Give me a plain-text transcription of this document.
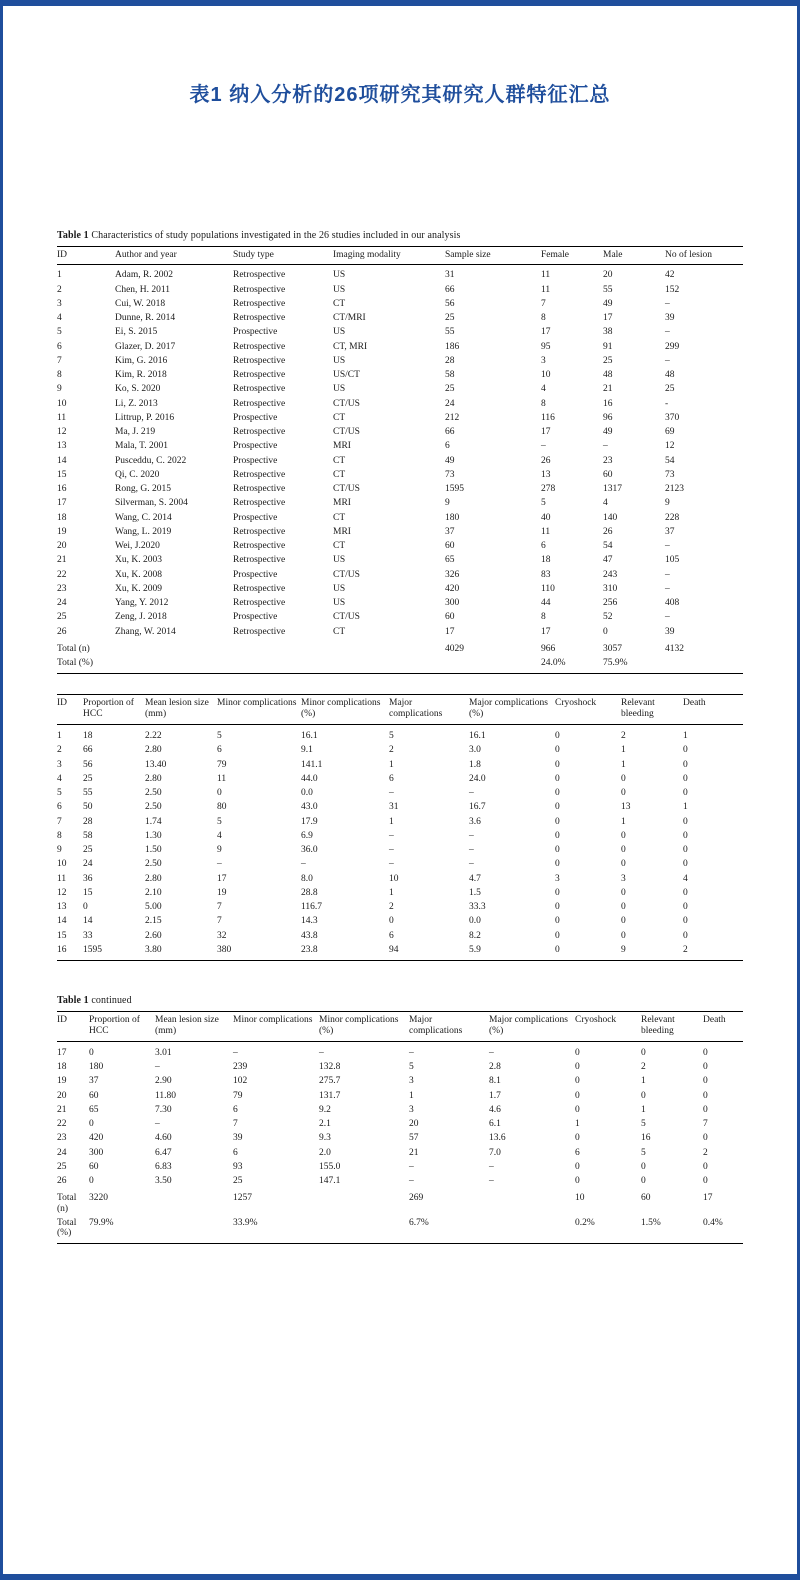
表1 纳入分析的26项研究其研究人群特征汇总
Table 1 Characteristics of study populations investigated in the 26 studies included in our analysis
ID	Author and year	Study type	Imaging modality	Sample size	Female	Male	No of lesion
1	Adam, R. 2002	Retrospective	US	31	11	20	42
2	Chen, H. 2011	Retrospective	US	66	11	55	152
3	Cui, W. 2018	Retrospective	CT	56	7	49	–
4	Dunne, R. 2014	Retrospective	CT/MRI	25	8	17	39
5	Ei, S. 2015	Prospective	US	55	17	38	–
6	Glazer, D. 2017	Retrospective	CT, MRI	186	95	91	299
7	Kim, G. 2016	Retrospective	US	28	3	25	–
8	Kim, R. 2018	Retrospective	US/CT	58	10	48	48
9	Ko, S. 2020	Retrospective	US	25	4	21	25
10	Li, Z. 2013	Retrospective	CT/US	24	8	16	-
11	Littrup, P. 2016	Prospective	CT	212	116	96	370
12	Ma, J. 219	Retrospective	CT/US	66	17	49	69
13	Mala, T. 2001	Prospective	MRI	6	–	–	12
14	Pusceddu, C. 2022	Prospective	CT	49	26	23	54
15	Qi, C. 2020	Retrospective	CT	73	13	60	73
16	Rong, G. 2015	Retrospective	CT/US	1595	278	1317	2123
17	Silverman, S. 2004	Retrospective	MRI	9	5	4	9
18	Wang, C. 2014	Prospective	CT	180	40	140	228
19	Wang, L. 2019	Retrospective	MRI	37	11	26	37
20	Wei, J.2020	Retrospective	CT	60	6	54	–
21	Xu, K. 2003	Retrospective	US	65	18	47	105
22	Xu, K. 2008	Prospective	CT/US	326	83	243	–
23	Xu, K. 2009	Retrospective	US	420	110	310	–
24	Yang, Y. 2012	Retrospective	US	300	44	256	408
25	Zeng, J. 2018	Prospective	CT/US	60	8	52	–
26	Zhang, W. 2014	Retrospective	CT	17	17	0	39
Total (n)				4029	966	3057	4132
Total (%)					24.0%	75.9%	
ID	Proportion of HCC	Mean lesion size (mm)	Minor complications	Minor complications (%)	Major complications	Major complications (%)	Cryoshock	Relevant bleeding	Death
1	18	2.22	5	16.1	5	16.1	0	2	1
2	66	2.80	6	9.1	2	3.0	0	1	0
3	56	13.40	79	141.1	1	1.8	0	1	0
4	25	2.80	11	44.0	6	24.0	0	0	0
5	55	2.50	0	0.0	–	–	0	0	0
6	50	2.50	80	43.0	31	16.7	0	13	1
7	28	1.74	5	17.9	1	3.6	0	1	0
8	58	1.30	4	6.9	–	–	0	0	0
9	25	1.50	9	36.0	–	–	0	0	0
10	24	2.50	–	–	–	–	0	0	0
11	36	2.80	17	8.0	10	4.7	3	3	4
12	15	2.10	19	28.8	1	1.5	0	0	0
13	0	5.00	7	116.7	2	33.3	0	0	0
14	14	2.15	7	14.3	0	0.0	0	0	0
15	33	2.60	32	43.8	6	8.2	0	0	0
16	1595	3.80	380	23.8	94	5.9	0	9	2
Table 1 continued
ID	Proportion of HCC	Mean lesion size (mm)	Minor complications	Minor complications (%)	Major complications	Major complications (%)	Cryoshock	Relevant bleeding	Death
17	0	3.01	–	–	–	–	0	0	0
18	180	–	239	132.8	5	2.8	0	2	0
19	37	2.90	102	275.7	3	8.1	0	1	0
20	60	11.80	79	131.7	1	1.7	0	0	0
21	65	7.30	6	9.2	3	4.6	0	1	0
22	0	–	7	2.1	20	6.1	1	5	7
23	420	4.60	39	9.3	57	13.6	0	16	0
24	300	6.47	6	2.0	21	7.0	6	5	2
25	60	6.83	93	155.0	–	–	0	0	0
26	0	3.50	25	147.1	–	–	0	0	0
Total (n)	3220		1257		269		10	60	17
Total (%)	79.9%		33.9%		6.7%		0.2%	1.5%	0.4%
